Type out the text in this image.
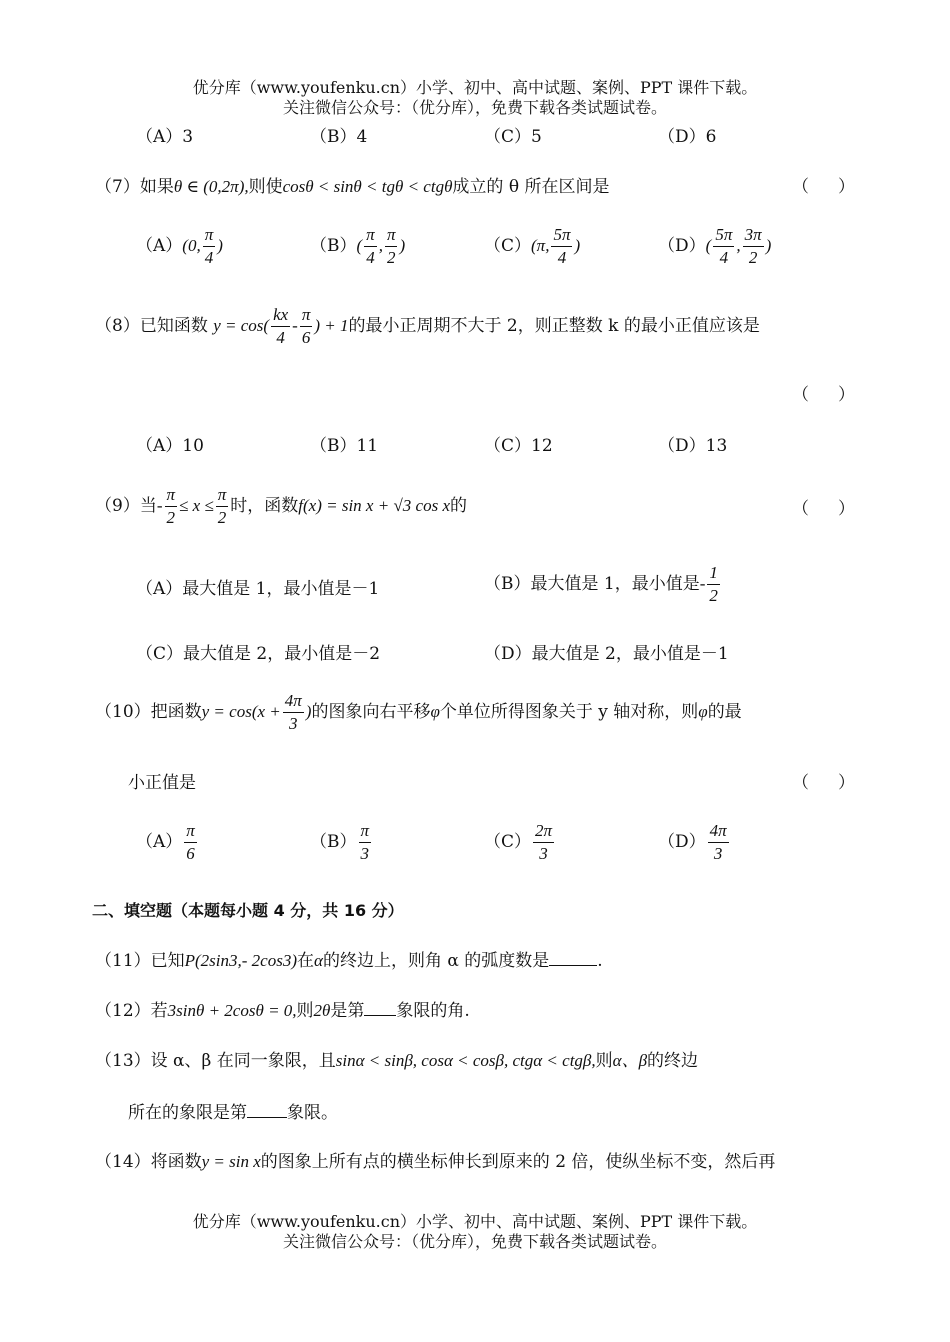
优分库（www.youfenku.cn）小学、初中、高中试题、案例、PPT 课件下载。
关注微信公众号：（优分库），免费下载各类试题试卷。
（A）3	（B）4	（C）5	（D）6
（7）如果θ ∈ (0,2π),则使cosθ < sinθ < tgθ < ctgθ成立的 θ 所在区间是	（　）
（A）(0, $\frac{\pi}{4}$ )	$(B)( \frac{\pi}{4}$ , $\frac{\pi}{2}$ )	（C）(π, $\frac{5\pi}{4}$ )	$(D)( \frac{5\pi}{4}$ , $\frac{3\pi}{2}$ )
（8）已知函数 $y = \cos( \frac{kx}{4} - \frac{\pi}{6}$ ) + 1的最小正周期不大于 2，则正整数 k 的最小正值应该是
（　）
（A）10	（B）11	（C）12	（D）13
（9）当- $\frac{\pi}{2} \le x \le \frac{\pi}{2}$ 时，函数f(x) = sin x + √3 cos x的	（　）
（A）最大值是 1，最小值是－1	（B）最大值是 1，最小值是- $\frac{1}{2}$
（C）最大值是 2，最小值是－2	（D）最大值是 2，最小值是－1
（10）把函数$y = \cos(x + \frac{4\pi}{3}$ )的图象向右平移φ个单位所得图象关于 y 轴对称，则φ的最
小正值是	（　）
$(A) \frac{\pi}{6}$	$(B) \frac{\pi}{3}$	$(C) \frac{2\pi}{3}$	$(D) \frac{4\pi}{3}$
二、填空题（本题每小题 4 分，共 16 分）
（11）已知P(2sin3,- 2cos3)在α的终边上，则角 α 的弧度数是	.
（12）若3sinθ + 2cosθ = 0,则2θ是第 象限的角.
（13）设 α、β 在同一象限，且sinα < sinβ, cosα < cosβ, ctgα < ctgβ,则α、β的终边
所在的象限是第 象限。
（14）将函数y = sin x的图象上所有点的横坐标伸长到原来的 2 倍，使纵坐标不变，然后再
优分库（www.youfenku.cn）小学、初中、高中试题、案例、PPT 课件下载。
关注微信公众号：（优分库），免费下载各类试题试卷。
